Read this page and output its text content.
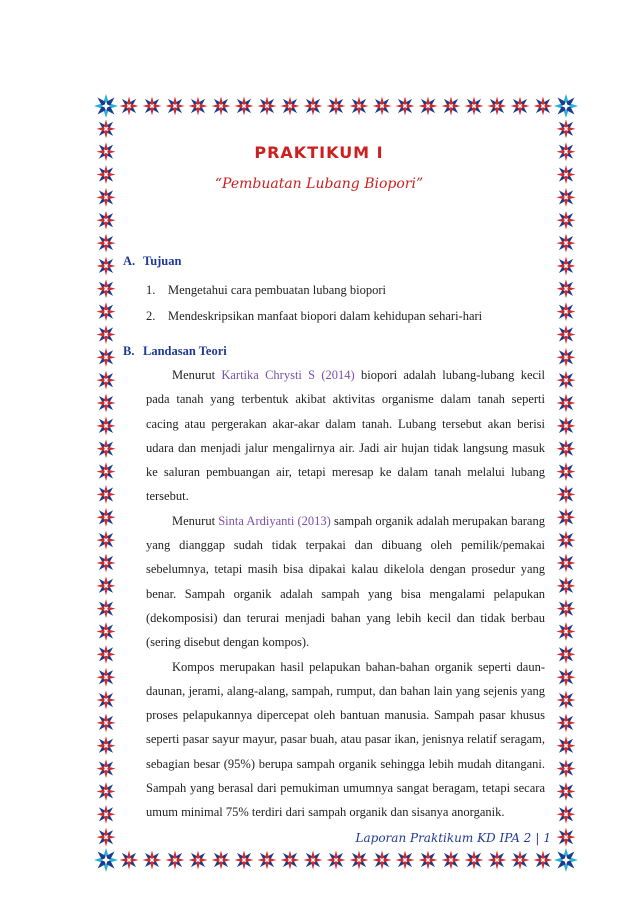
PRAKTIKUM I
“Pembuatan Lubang Biopori”
A. Tujuan
1. Mengetahui cara pembuatan lubang biopori
2. Mendeskripsikan manfaat biopori dalam kehidupan sehari-hari
B. Landasan Teori

Menurut Kartika Chrysti S (2014) biopori adalah lubang-lubang kecil pada tanah yang terbentuk akibat aktivitas organisme dalam tanah seperti cacing atau pergerakan akar-akar dalam tanah. Lubang tersebut akan berisi udara dan menjadi jalur mengalirnya air. Jadi air hujan tidak langsung masuk ke saluran pembuangan air, tetapi meresap ke dalam tanah melalui lubang tersebut.

Menurut Sinta Ardiyanti (2013) sampah organik adalah merupakan barang yang dianggap sudah tidak terpakai dan dibuang oleh pemilik/pemakai sebelumnya, tetapi masih bisa dipakai kalau dikelola dengan prosedur yang benar. Sampah organik adalah sampah yang bisa mengalami pelapukan (dekomposisi) dan terurai menjadi bahan yang lebih kecil dan tidak berbau (sering disebut dengan kompos).

Kompos merupakan hasil pelapukan bahan-bahan organik seperti daun-daunan, jerami, alang-alang, sampah, rumput, dan bahan lain yang sejenis yang proses pelapukannya dipercepat oleh bantuan manusia. Sampah pasar khusus seperti pasar sayur mayur, pasar buah, atau pasar ikan, jenisnya relatif seragam, sebagian besar (95%) berupa sampah organik sehingga lebih mudah ditangani. Sampah yang berasal dari pemukiman umumnya sangat beragam, tetapi secara umum minimal 75% terdiri dari sampah organik dan sisanya anorganik.

Laporan Praktikum KD IPA 2 | 1
